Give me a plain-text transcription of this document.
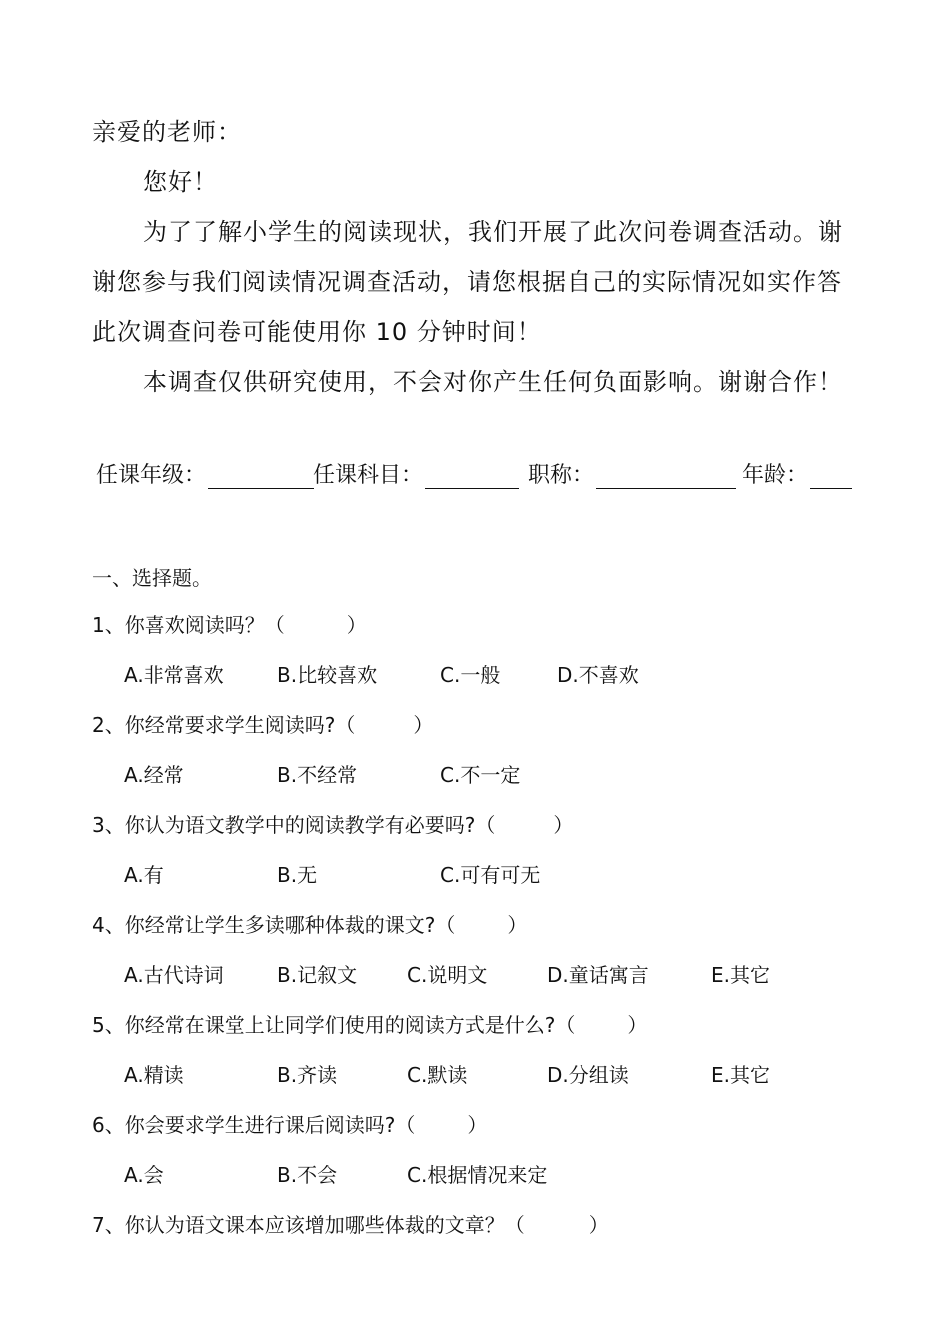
亲爱的老师：
您好！
为了了解小学生的阅读现状，我们开展了此次问卷调查活动。谢
谢您参与我们阅读情况调查活动，请您根据自己的实际情况如实作答
此次调查问卷可能使用你 10 分钟时间！
本调查仅供研究使用，不会对你产生任何负面影响。谢谢合作！
任课年级：	任课科目：	职称：	年龄：
一、选择题。
1、你喜欢阅读吗？（	）
A.非常喜欢	B.比较喜欢	C.一般	D.不喜欢
2、你经常要求学生阅读吗?（	）
A.经常	B.不经常	C.不一定
3、你认为语文教学中的阅读教学有必要吗?（	）
A.有	B.无	C.可有可无
4、你经常让学生多读哪种体裁的课文?（	）
A.古代诗词	B.记叙文 C.说明文	D.童话寓言	E.其它
5、你经常在课堂上让同学们使用的阅读方式是什么?（	）
A.精读	B.齐读	C.默读	D.分组读	E.其它
6、你会要求学生进行课后阅读吗?（	）
A.会	B.不会	C.根据情况来定
7、你认为语文课本应该增加哪些体裁的文章？（	）
